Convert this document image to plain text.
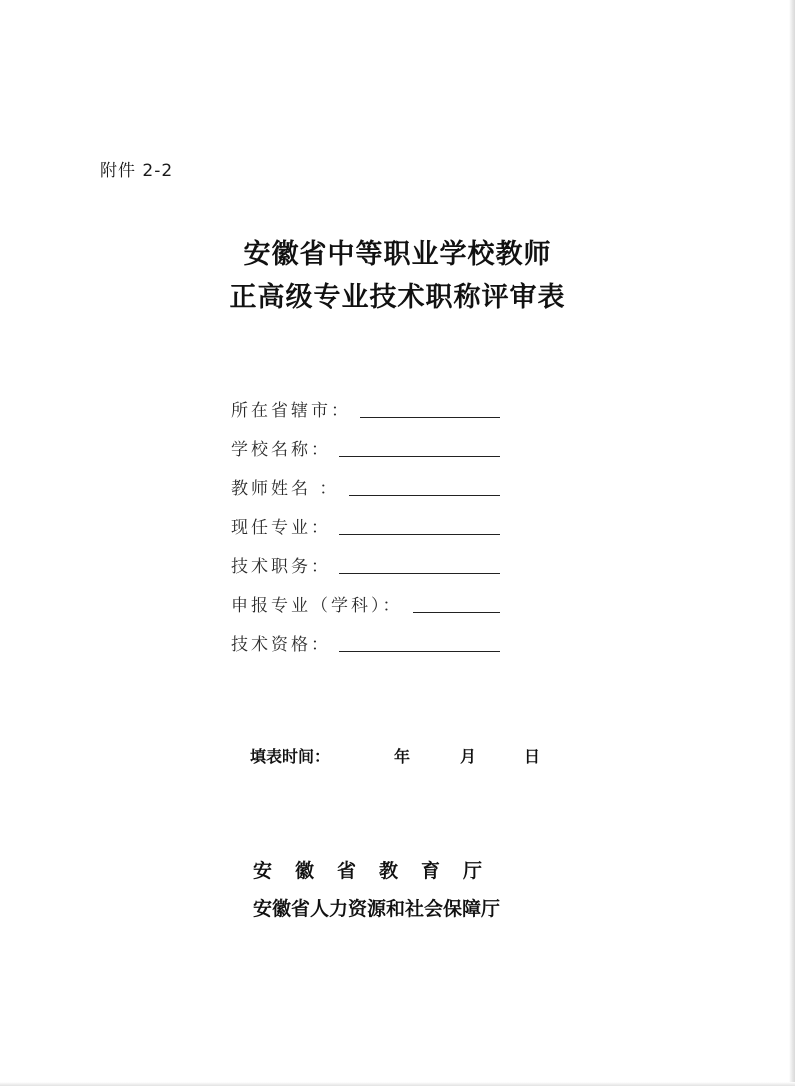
附件 2-2
安徽省中等职业学校教师
正高级专业技术职称评审表
所在省辖市：
学校名称：
教师姓名 ：
现任专业：
技术职务：
申报专业（学科）：
技术资格：
填表时间：	年	月	日
安徽省教育厅
安徽省人力资源和社会保障厅
